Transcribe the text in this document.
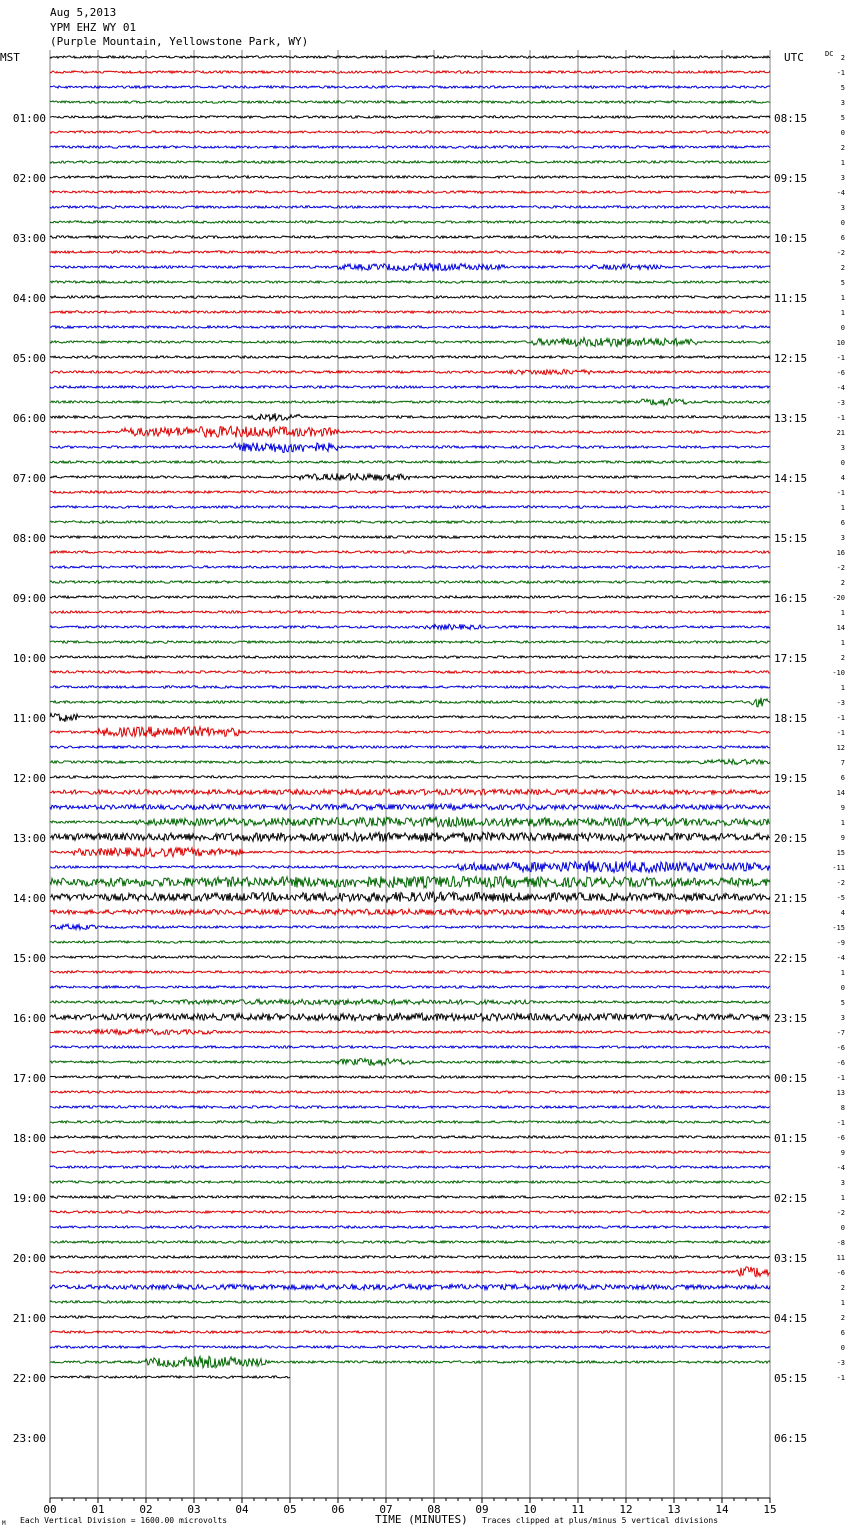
Aug 5,2013
YPM EHZ WY 01
(Purple Mountain, Yellowstone Park, WY)
MST	UTC	DC
01:00
02:00
03:00
04:00
05:00
06:00
07:00
08:00
09:00
10:00
11:00
12:00
13:00
14:00
15:00
16:00
17:00
18:00
19:00
20:00
21:00
22:00
23:00
08:15
09:15
10:15
11:15
12:15
13:15
14:15
15:15
16:15
17:15
18:15
19:15
20:15
21:15
22:15
23:15
00:15
01:15
02:15
03:15
04:15
05:15
06:15
2
-1
5
3
5
0
2
1
3
-4
3
0
6
-2
2
5
1
1
0
10
-1
-6
-4
-3
-1
21
3
0
4
-1
1
6
3
16
-2
2
-20
1
14
1
2
-10
1
-3
-1
-1
12
7
6
14
9
1
9
15
-11
-2
-5
4
-15
-9
-4
1
0
5
3
-7
-6
-6
-1
13
8
-1
-6
9
-4
3
1
-2
0
-8
11
-6
2
1
2
6
0
-3
-1
00	01	02	03	04	05	06	07	08	09	10	11	12	13	14	15
M Each Vertical Division = 1600.00 microvolts	TIME (MINUTES) Traces clipped at plus/minus 5 vertical divisions
